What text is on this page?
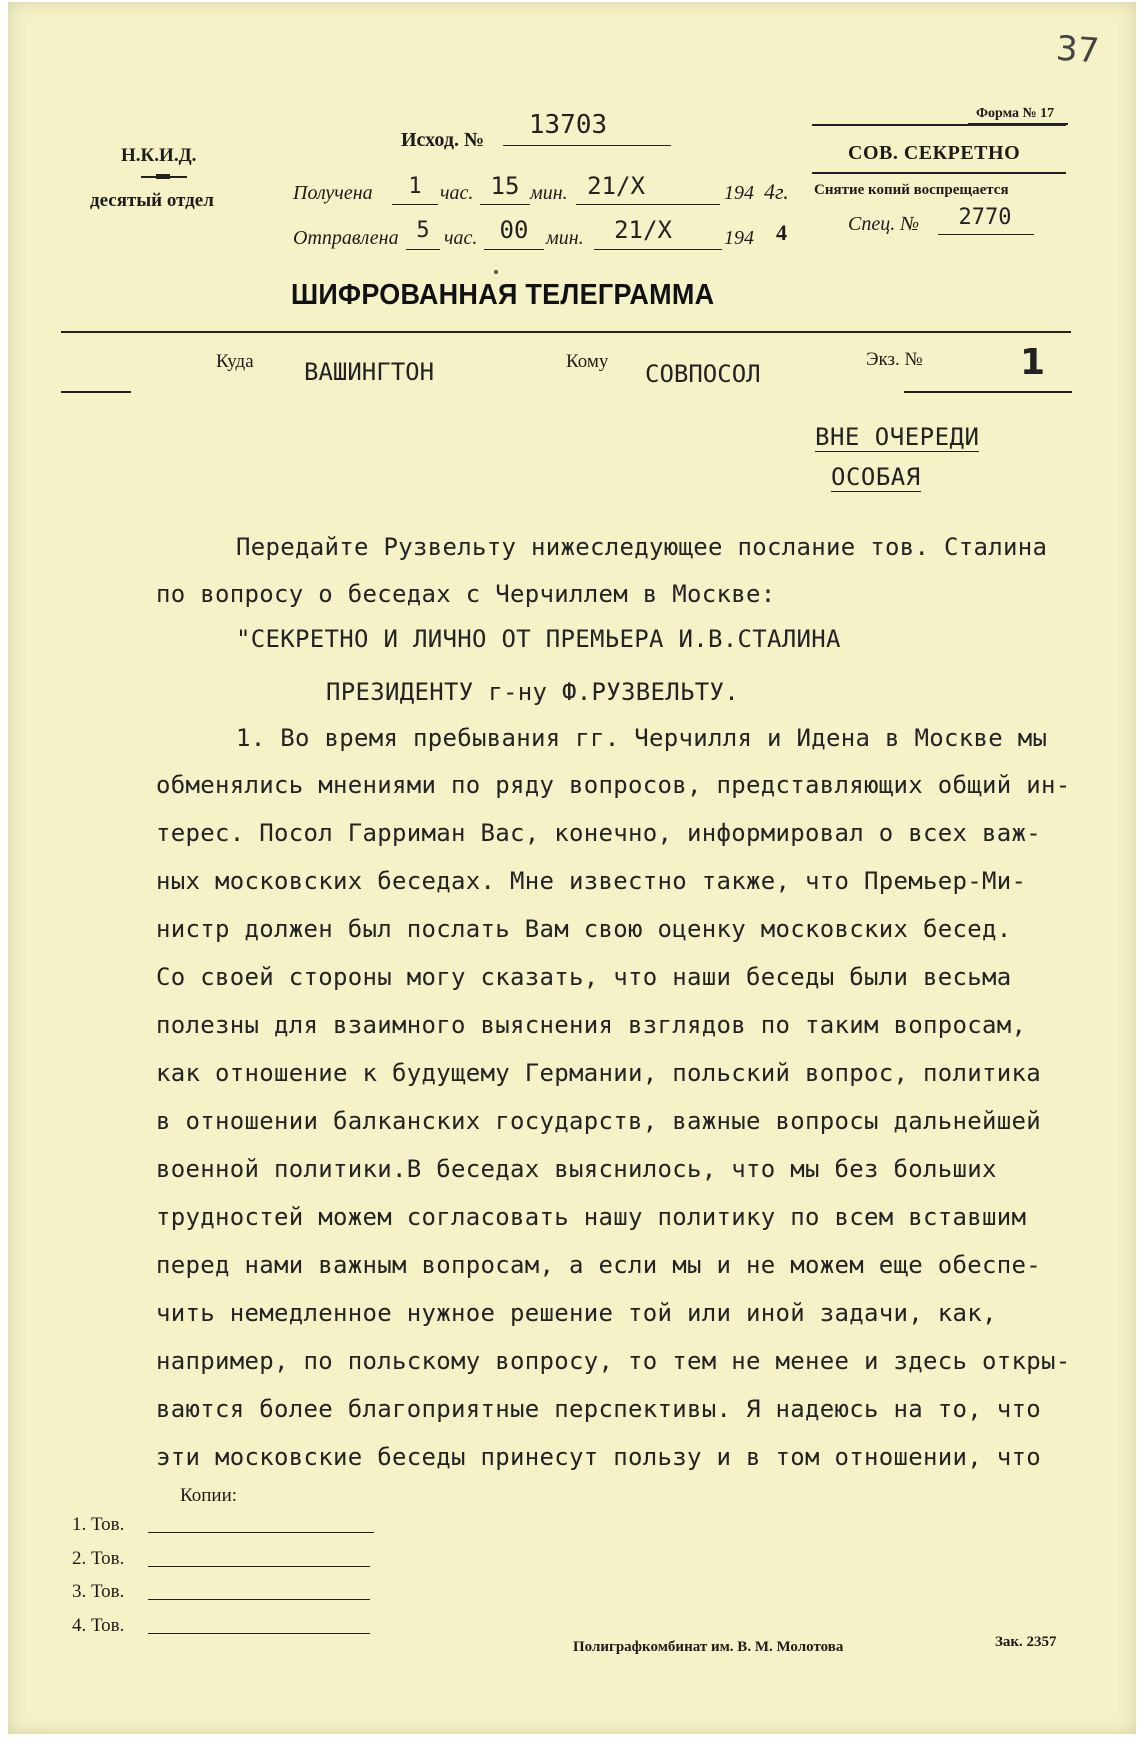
37
Форма № 17
Н.К.И.Д.
десятый отдел
Исход. №	13703
Получена	1 час. 15 мин. 21/X	194 4г.
Отправлена 5 час. 00 мин.	21/X	194 4
СОВ. СЕКРЕТНО
Снятие копий воспрещается
Спец. №	2770
ШИФРОВАННАЯ ТЕЛЕГРАММА
Куда ВАШИНГТОН	Кому СОВПОСОЛ
Экз. №	1
ВНЕ ОЧЕРЕДИ
ОСОБАЯ
Передайте Рузвельту нижеследующее послание тов. Сталина
по вопросу о беседах с Черчиллем в Москве:
"СЕКРЕТНО И ЛИЧНО ОТ ПРЕМЬЕРА И.В.СТАЛИНА
ПРЕЗИДЕНТУ г-ну Ф.РУЗВЕЛЬТУ.
1. Во время пребывания гг. Черчилля и Идена в Москве мы
обменялись мнениями по ряду вопросов, представляющих общий ин-
терес. Посол Гарриман Вас, конечно, информировал о всех важ-
ных московских беседах. Мне известно также, что Премьер-Ми-
нистр должен был послать Вам свою оценку московских бесед.
Со своей стороны могу сказать, что наши беседы были весьма
полезны для взаимного выяснения взглядов по таким вопросам,
как отношение к будущему Германии, польский вопрос, политика
в отношении балканских государств, важные вопросы дальнейшей
военной политики.В беседах выяснилось, что мы без больших
трудностей можем согласовать нашу политику по всем вставшим
перед нами важным вопросам, а если мы и не можем еще обеспе-
чить немедленное нужное решение той или иной задачи, как,
например, по польскому вопросу, то тем не менее и здесь откры-
ваются более благоприятные перспективы. Я надеюсь на то, что
эти московские беседы принесут пользу и в том отношении, что
Копии:
1. Тов.
2. Тов.
3. Тов.
4. Тов.
Полиграфкомбинат им. В. М. Молотова	Зак. 2357
